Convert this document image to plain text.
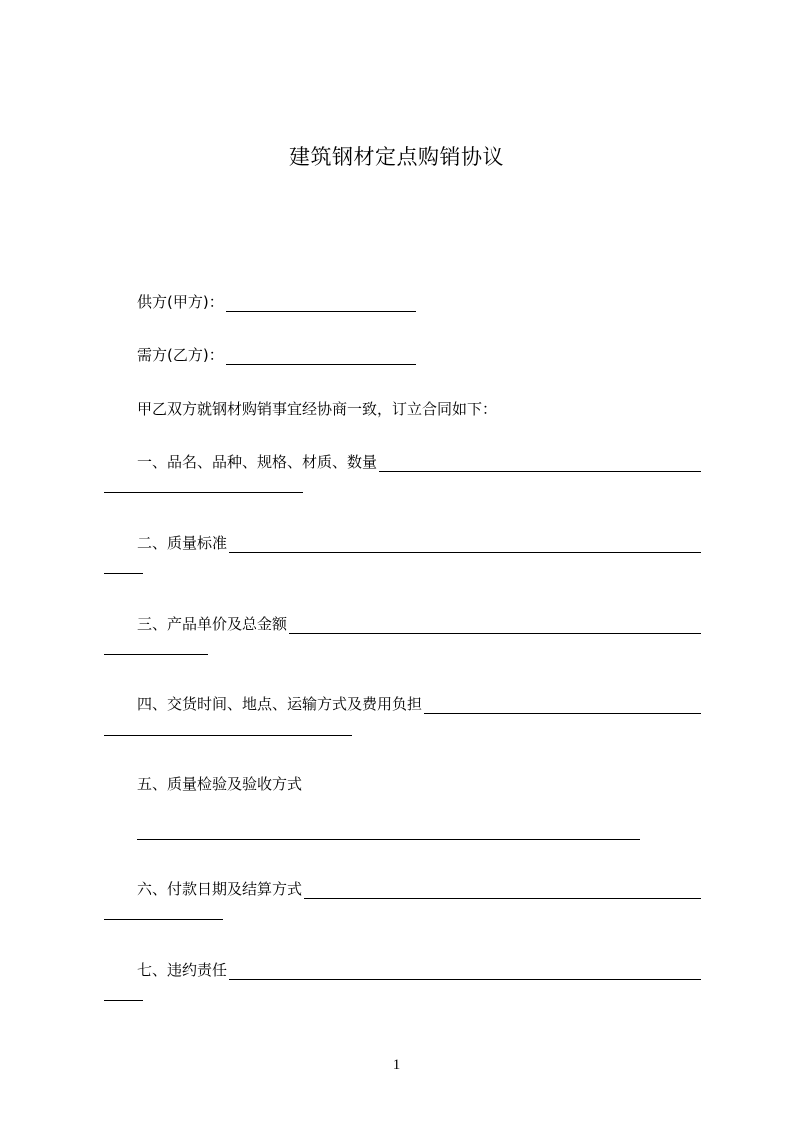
建筑钢材定点购销协议
供方(甲方)：
需方(乙方)：
甲乙双方就钢材购销事宜经协商一致，订立合同如下：
一、品名、品种、规格、材质、数量
二、质量标准
三、产品单价及总金额
四、交货时间、地点、运输方式及费用负担
五、质量检验及验收方式
六、付款日期及结算方式
七、违约责任
1
